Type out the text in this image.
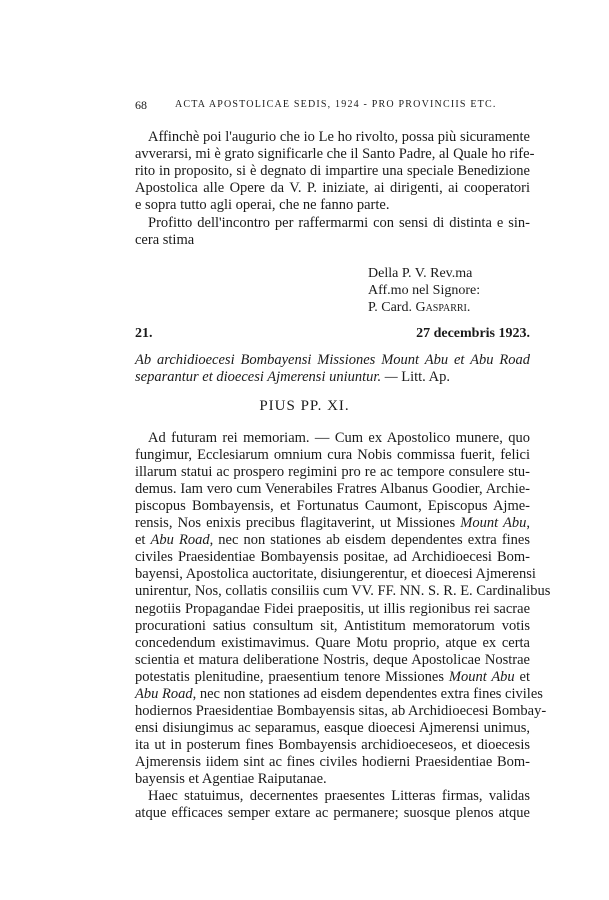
68	ACTA APOSTOLICAE SEDIS, 1924 - PRO PROVINCIIS ETC.
Affinchè poi l'augurio che io Le ho rivolto, possa più sicuramente
avverarsi, mi è grato significarle che il Santo Padre, al Quale ho rife-
rito in proposito, si è degnato di impartire una speciale Benedizione
Apostolica alle Opere da V. P. iniziate, ai dirigenti, ai cooperatori
e sopra tutto agli operai, che ne fanno parte.
Profitto dell'incontro per raffermarmi con sensi di distinta e sin-
cera stima
Della P. V. Rev.ma
Aff.mo nel Signore:
P. Card. Gasparri.
21.	27 decembris 1923.
Ab archidioecesi Bombayensi Missiones Mount Abu et Abu Road
separantur et dioecesi Ajmerensi uniuntur. — Litt. Ap.
PIUS PP. XI.
Ad futuram rei memoriam. — Cum ex Apostolico munere, quo
fungimur, Ecclesiarum omnium cura Nobis commissa fuerit, felici
illarum statui ac prospero regimini pro re ac tempore consulere stu-
demus. Iam vero cum Venerabiles Fratres Albanus Goodier, Archie-
piscopus Bombayensis, et Fortunatus Caumont, Episcopus Ajme-
rensis, Nos enixis precibus flagitaverint, ut Missiones Mount Abu,
et Abu Road, nec non stationes ab eisdem dependentes extra fines
civiles Praesidentiae Bombayensis positae, ad Archidioecesi Bom-
bayensi, Apostolica auctoritate, disiungerentur, et dioecesi Ajmerensi
unirentur, Nos, collatis consiliis cum VV. FF. NN. S. R. E. Cardinalibus
negotiis Propagandae Fidei praepositis, ut illis regionibus rei sacrae
procurationi satius consultum sit, Antistitum memoratorum votis
concedendum existimavimus. Quare Motu proprio, atque ex certa
scientia et matura deliberatione Nostris, deque Apostolicae Nostrae
potestatis plenitudine, praesentium tenore Missiones Mount Abu et
Abu Road, nec non stationes ad eisdem dependentes extra fines civiles
hodiernos Praesidentiae Bombayensis sitas, ab Archidioecesi Bombay-
ensi disiungimus ac separamus, easque dioecesi Ajmerensi unimus,
ita ut in posterum fines Bombayensis archidioeceseos, et dioecesis
Ajmerensis iidem sint ac fines civiles hodierni Praesidentiae Bom-
bayensis et Agentiae Raiputanae.
Haec statuimus, decernentes praesentes Litteras firmas, validas
atque efficaces semper extare ac permanere; suosque plenos atque
